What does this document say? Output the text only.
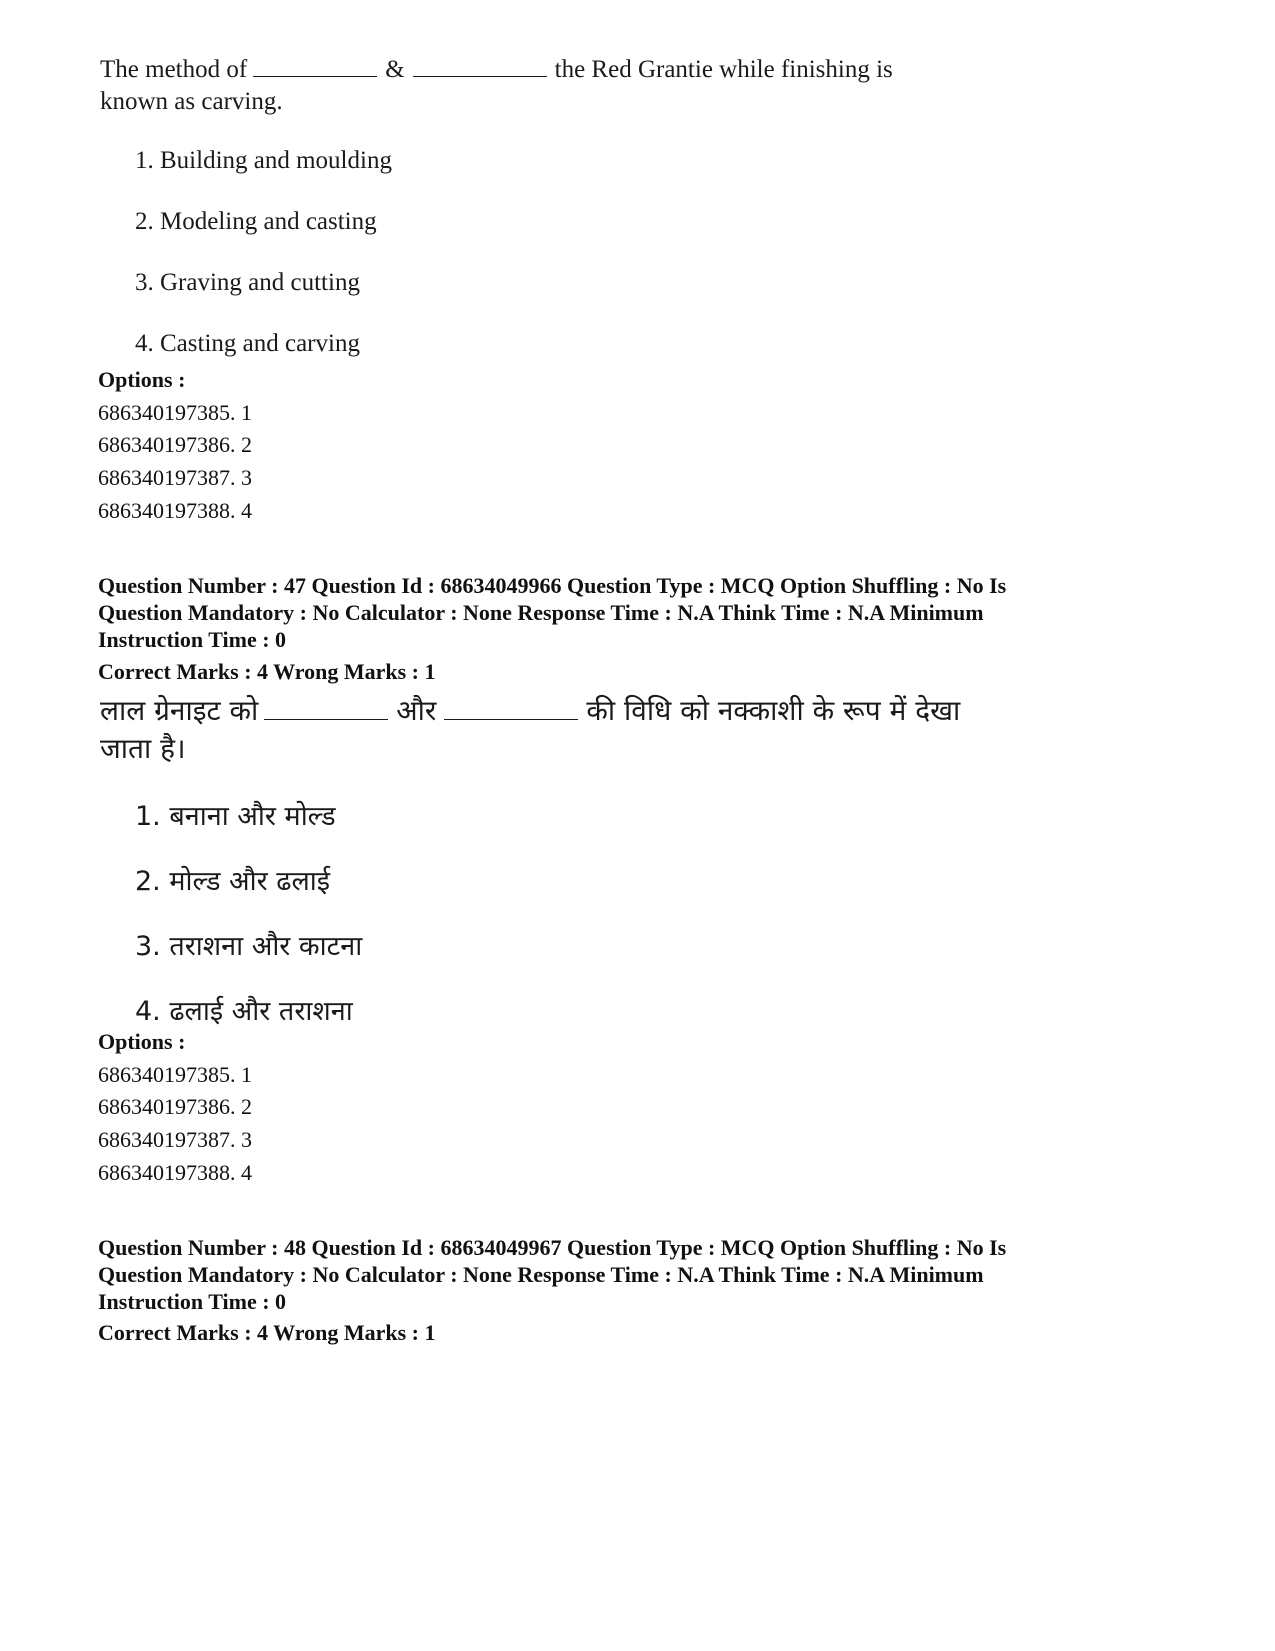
The method of	&	the Red Grantie while finishing is
known as carving.
1. Building and moulding
2. Modeling and casting
3. Graving and cutting
4. Casting and carving
Options :
686340197385. 1
686340197386. 2
686340197387. 3
686340197388. 4
Question Number : 47 Question Id : 68634049966 Question Type : MCQ Option Shuffling : No Is
Question Mandatory : No Calculator : None Response Time : N.A Think Time : N.A Minimum
Instruction Time : 0
Correct Marks : 4 Wrong Marks : 1
लाल ग्रेनाइट को	और	की विधि को नक्काशी के रूप में देखा
जाता है।
1. बनाना और मोल्ड
2. मोल्ड और ढलाई
3. तराशना और काटना
4. ढलाई और तराशना
Options :
686340197385. 1
686340197386. 2
686340197387. 3
686340197388. 4
Question Number : 48 Question Id : 68634049967 Question Type : MCQ Option Shuffling : No Is
Question Mandatory : No Calculator : None Response Time : N.A Think Time : N.A Minimum
Instruction Time : 0
Correct Marks : 4 Wrong Marks : 1
